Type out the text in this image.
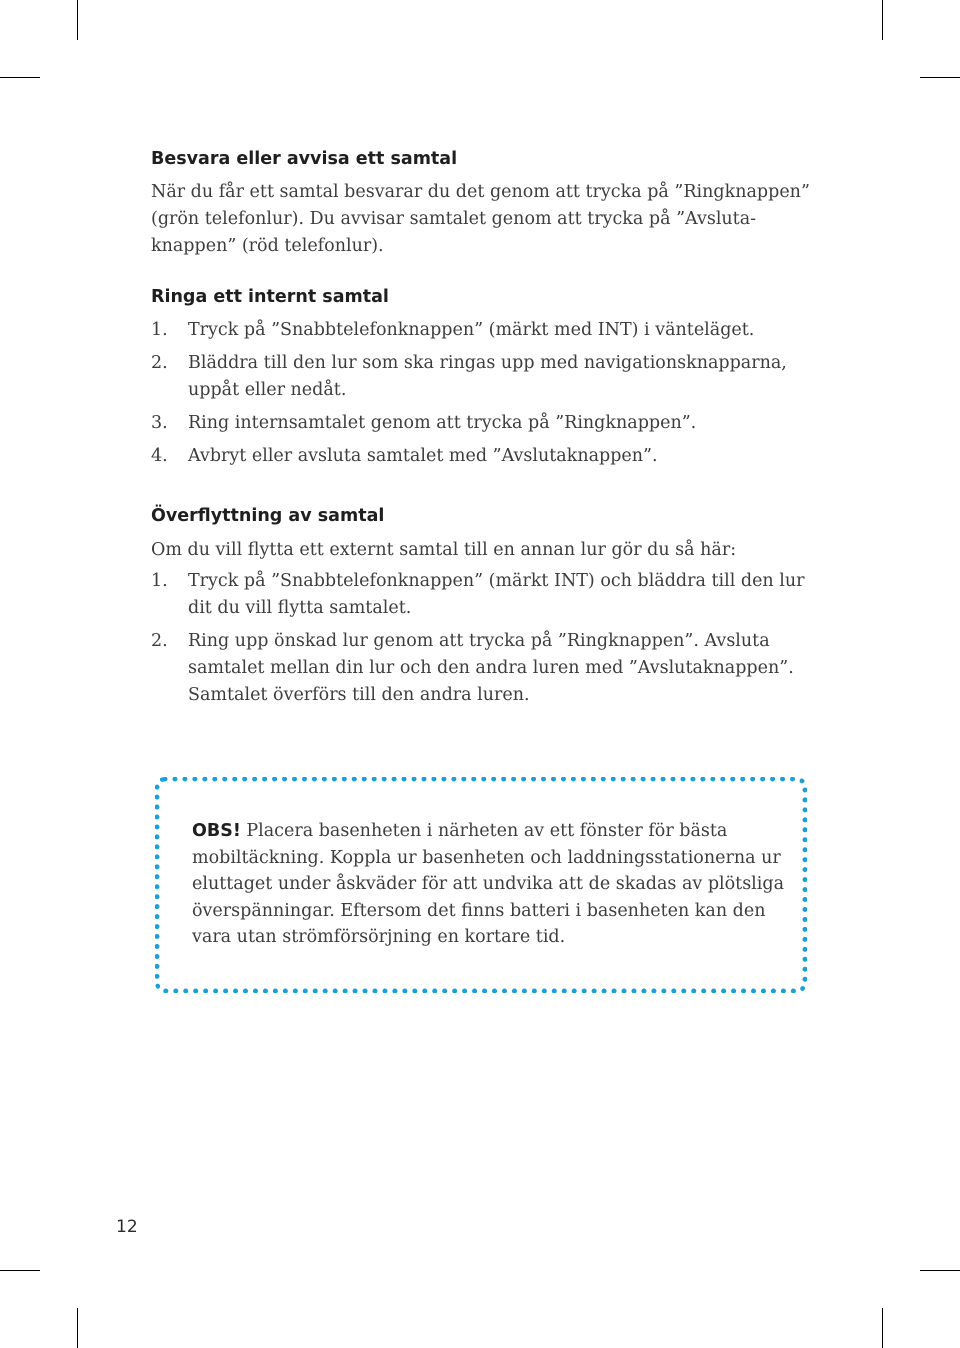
Besvara eller avvisa ett samtal

När du får ett samtal besvarar du det genom att trycka på ”Ringknappen” (grön telefonlur). Du avvisar samtalet genom att trycka på ”Avsluta-knappen” (röd telefonlur).

Ringa ett internt samtal
1. Tryck på ”Snabbtelefonknappen” (märkt med INT) i vänteläget.
2. Bläddra till den lur som ska ringas upp med navigationsknapparna, uppåt eller nedåt.
3. Ring internsamtalet genom att trycka på ”Ringknappen”.
4. Avbryt eller avsluta samtalet med ”Avslutaknappen”.
Överflyttning av samtal

Om du vill flytta ett externt samtal till en annan lur gör du så här:

1. Tryck på ”Snabbtelefonknappen” (märkt INT) och bläddra till den lur dit du vill flytta samtalet.
2. Ring upp önskad lur genom att trycka på ”Ringknappen”. Avsluta samtalet mellan din lur och den andra luren med ”Avslutaknappen”. Samtalet överförs till den andra luren.

OBS! Placera basenheten i närheten av ett fönster för bästa mobiltäckning. Koppla ur basenheten och laddningsstationerna ur eluttaget under åskväder för att undvika att de skadas av plötsliga överspänningar. Eftersom det finns batteri i basenheten kan den vara utan strömförsörjning en kortare tid.

12
